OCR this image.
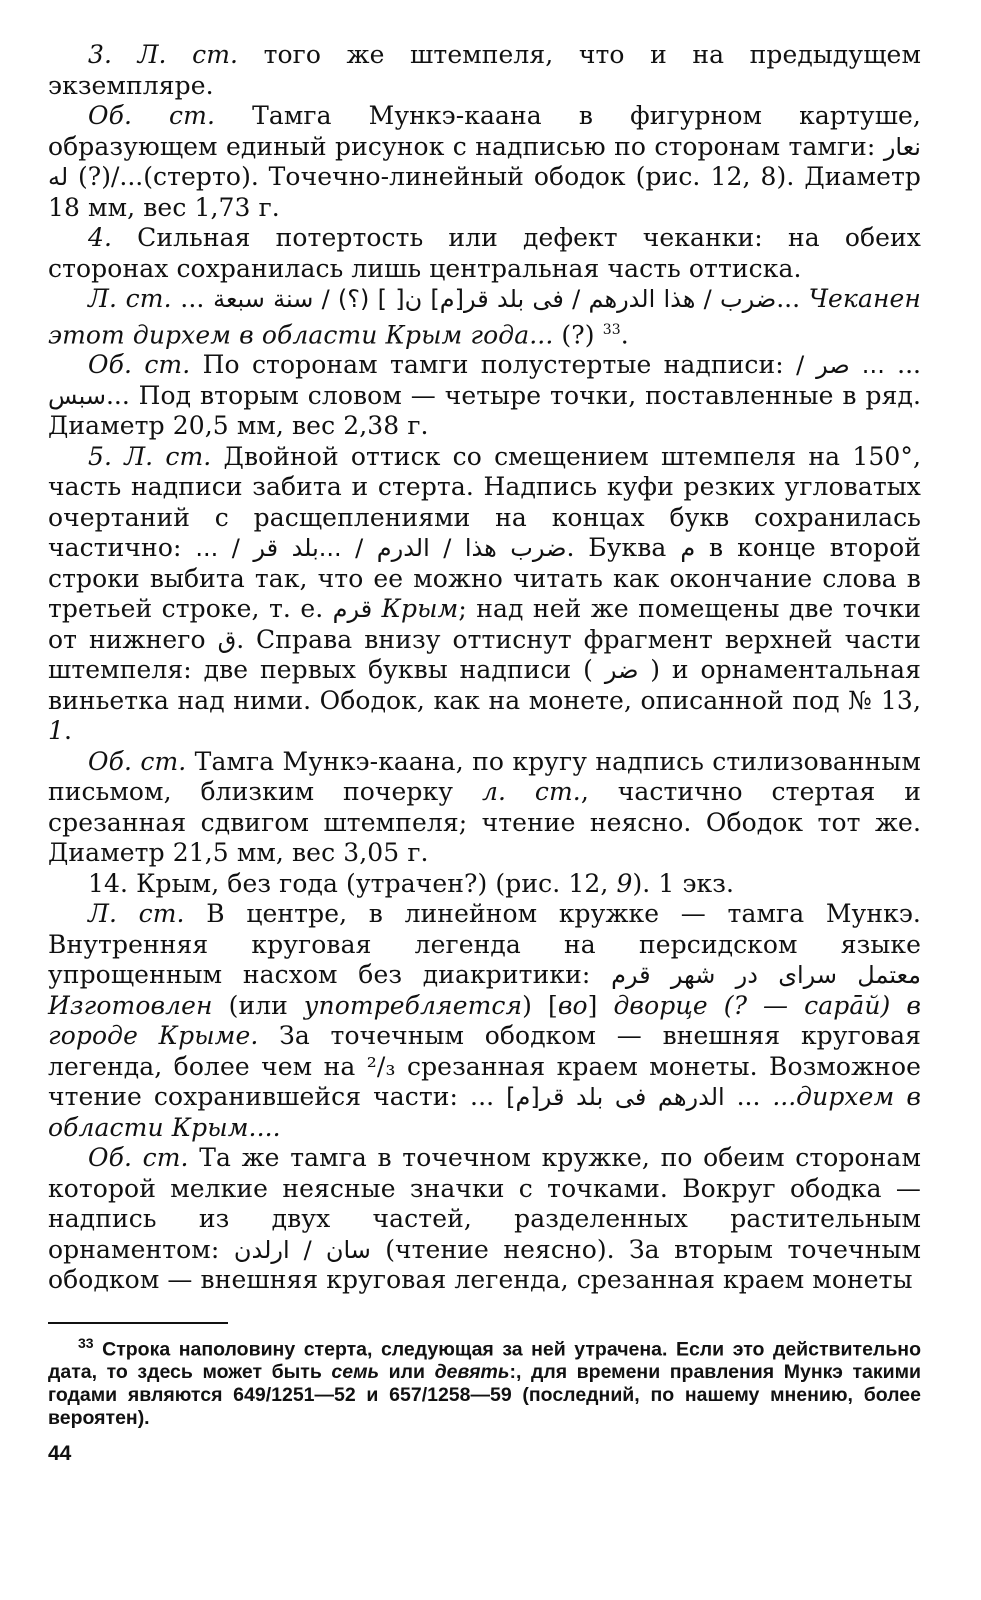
3. Л. ст. того же штемпеля, что и на предыдущем экземпляре.

Об. ст. Тамга Мункэ-каана в фигурном картуше, образующем единый рисунок с надписью по сторонам тамги: نعار له (?)/...(стерто). Точечно-линейный ободок (рис. 12, 8). Диаметр 18 мм, вес 1,73 г.

4. Сильная потертость или дефект чеканки: на обеих сторонах сохранилась лишь центральная часть оттиска.

Л. ст. ... ضرب / هذا الدرهم / فى بلد قر[م] ن[ ] (؟) / سنة سبعة... Чеканен этот дирхем в области Крым года... (?) $^{33}$.

Об. ст. По сторонам тамги полустертые надписи: ... صر / ... سبس... Под вторым словом — четыре точки, поставленные в ряд. Диаметр 20,5 мм, вес 2,38 г.

5. Л. ст. Двойной оттиск со смещением штемпеля на 150°, часть надписи забита и стерта. Надпись куфи резких угловатых очертаний с расщеплениями на концах букв сохранилась частично: ضرب هذا / الدرم / ...بلد قر / .... Буква م в конце второй строки выбита так, что ее можно читать как окончание слова в третьей строке, т. е. قرم Крым; над ней же помещены две точки от нижнего ق. Справа внизу оттиснут фрагмент верхней части штемпеля: две первых буквы надписи ( ضر ) и орнаментальная виньетка над ними. Ободок, как на монете, описанной под № 13, 1.

Об. ст. Тамга Мункэ-каана, по кругу надпись стилизованным письмом, близким почерку л. ст., частично стертая и срезанная сдвигом штемпеля; чтение неясно. Ободок тот же. Диаметр 21,5 мм, вес 3,05 г.

14. Крым, без года (утрачен?) (рис. 12, 9). 1 экз.

Л. ст. В центре, в линейном кружке — тамга Мункэ. Внутренняя круговая легенда на персидском языке упрощенным насхом без диакритики: معتمل سراى در شهر قرم Изготовлен (или употребляется) [во] дворце (? — сарāй) в городе Крыме. За точечным ободком — внешняя круговая легенда, более чем на ²/₃ срезанная краем монеты. Возможное чтение сохранившейся части: ... الدرهم فى بلد قر[م] ... ...дирхем в области Крым....

Об. ст. Та же тамга в точечном кружке, по обеим сторонам которой мелкие неясные значки с точками. Вокруг ободка — надпись из двух частей, разделенных растительным орнаментом: سان / ارلدن (чтение неясно). За вторым точечным ободком — внешняя круговая легенда, срезанная краем монеты

$^{33}$ Строка наполовину стерта, следующая за ней утрачена. Если это действительно дата, то здесь может быть семь или девять:, для времени правления Мункэ такими годами являются 649/1251—52 и 657/1258—59 (последний, по нашему мнению, более вероятен).

44
